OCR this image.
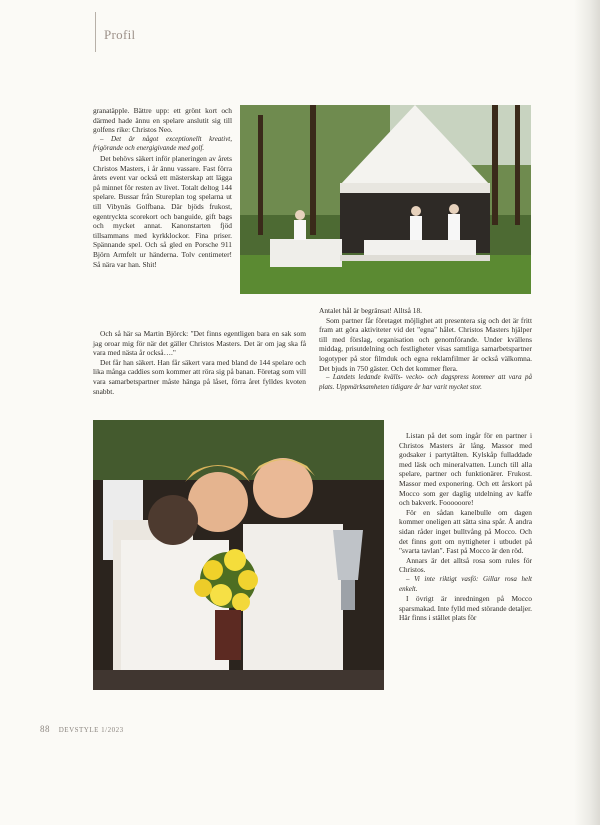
Profil

granatäpple. Bättre upp: ett grönt kort och därmed hade ännu en spelare anslutit sig till golfens rike: Christos Neo.

– Det är något exceptionellt kreativt, frigörande och energigivande med golf.

Det behövs säkert inför planeringen av årets Christos Masters, i år ännu vassare. Fast förra årets event var också ett mästerskap att lägga på minnet för resten av livet. Totalt deltog 144 spelare. Bussar från Stureplan tog spelarna ut till Vibynäs Golfbana. Där bjöds frukost, egentryckta scorekort och banguide, gift bags och mycket annat. Kanonstarten fjöd tillsammans med kyrkklockor. Fina priser. Spännande spel. Och så gled en Porsche 911 Björn Armfelt ur händerna. Tolv centimeter! Så nära var han. Shit!

Och så här sa Martin Björck: "Det finns egentligen bara en sak som jag oroar mig för när det gäller Christos Masters. Det är om jag ska få vara med nästa år också…."

Det får han säkert. Han får säkert vara med bland de 144 spelare och lika många caddies som kommer att röra sig på banan. Företag som vill vara samarbetspartner måste hänga på låset, förra året fylldes kvoten snabbt.

Antalet hål är begränsat! Alltså 18.

Som partner får företaget möjlighet att presentera sig och det är fritt fram att göra aktiviteter vid det "egna" hålet. Christos Masters hjälper till med förslag, organisation och genomförande. Under kvällens middag, prisutdelning och festligheter visas samtliga samarbetspartner logotyper på stor filmduk och egna reklamfilmer är också välkomna. Det bjuds in 750 gäster. Och det kommer flera.

– Landets ledande kvälls- vecko- och dagspress kommer att vara på plats. Uppmärksamheten tidigare år har varit mycket stor.

Listan på det som ingår för en partner i Christos Masters är lång. Massor med godsaker i partytälten. Kylskåp fulladdade med läsk och mineralvatten. Lunch till alla spelare, partner och funktionärer. Frukost. Massor med exponering. Och ett årskort på Mocco som ger daglig utdelning av kaffe och bakverk. Foooooore!

För en sådan kanelbulle om dagen kommer oneligen att sätta sina spår. Å andra sidan råder inget bulltvång på Mocco. Och det finns gott om nyttigheter i utbudet på "svarta tavlan". Fast på Mocco är den röd.

Annars är det alltså rosa som rules för Christos.

– Vi inte riktigt vasfö: Gillar rosa helt enkelt.

I övrigt är inredningen på Mocco sparsmakad. Inte fylld med störande detaljer. Här finns i stället plats för

88 DEVSTYLE 1/2023
